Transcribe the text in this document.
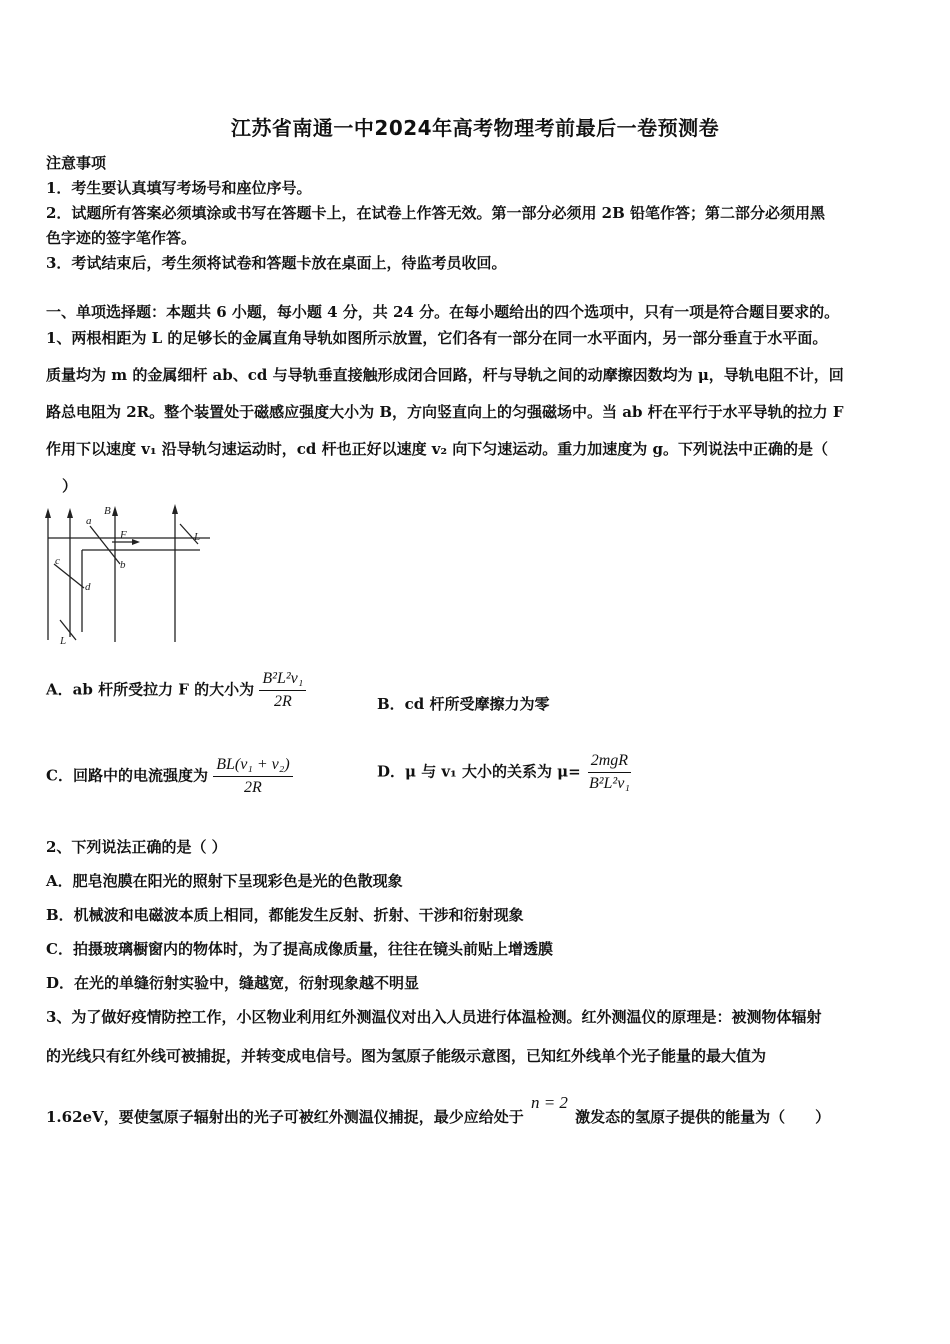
江苏省南通一中2024年高考物理考前最后一卷预测卷
注意事项
1．考生要认真填写考场号和座位序号。
2．试题所有答案必须填涂或书写在答题卡上，在试卷上作答无效。第一部分必须用 2B 铅笔作答；第二部分必须用黑
色字迹的签字笔作答。
3．考试结束后，考生须将试卷和答题卡放在桌面上，待监考员收回。
一、单项选择题：本题共 6 小题，每小题 4 分，共 24 分。在每小题给出的四个选项中，只有一项是符合题目要求的。
1、两根相距为 L 的足够长的金属直角导轨如图所示放置，它们各有一部分在同一水平面内，另一部分垂直于水平面。
质量均为 m 的金属细杆 ab、cd 与导轨垂直接触形成闭合回路，杆与导轨之间的动摩擦因数均为 μ，导轨电阻不计，回
路总电阻为 2R。整个装置处于磁感应强度大小为 B，方向竖直向上的匀强磁场中。当 ab 杆在平行于水平导轨的拉力 F
作用下以速度 v₁ 沿导轨匀速运动时，cd 杆也正好以速度 v₂ 向下匀速运动。重力加速度为 g。下列说法中正确的是（
）
a
b
c
d
B
F	L
L
A．ab 杆所受拉力 F 的大小为 $\frac{\text{B²L²v₁}}{2R}$	B．cd 杆所受摩擦力为零
C．回路中的电流强度为 $\frac{\text{BL(v₁ + v₂)}}{2R}$	D．μ 与 v₁ 大小的关系为 $\mu= \frac{\text{2mgR}}{\text{B²L²v₁}}$
2、下列说法正确的是（ ）
A．肥皂泡膜在阳光的照射下呈现彩色是光的色散现象
B．机械波和电磁波本质上相同，都能发生反射、折射、干涉和衍射现象
C．拍摄玻璃橱窗内的物体时，为了提高成像质量，往往在镜头前贴上增透膜
D．在光的单缝衍射实验中，缝越宽，衍射现象越不明显
3、为了做好疫情防控工作，小区物业利用红外测温仪对出入人员进行体温检测。红外测温仪的原理是：被测物体辐射
的光线只有红外线可被捕捉，并转变成电信号。图为氢原子能级示意图，已知红外线单个光子能量的最大值为
1.62eV，要使氢原子辐射出的光子可被红外测温仪捕捉，最少应给处于 n = 2 激发态的氢原子提供的能量为（　　）
